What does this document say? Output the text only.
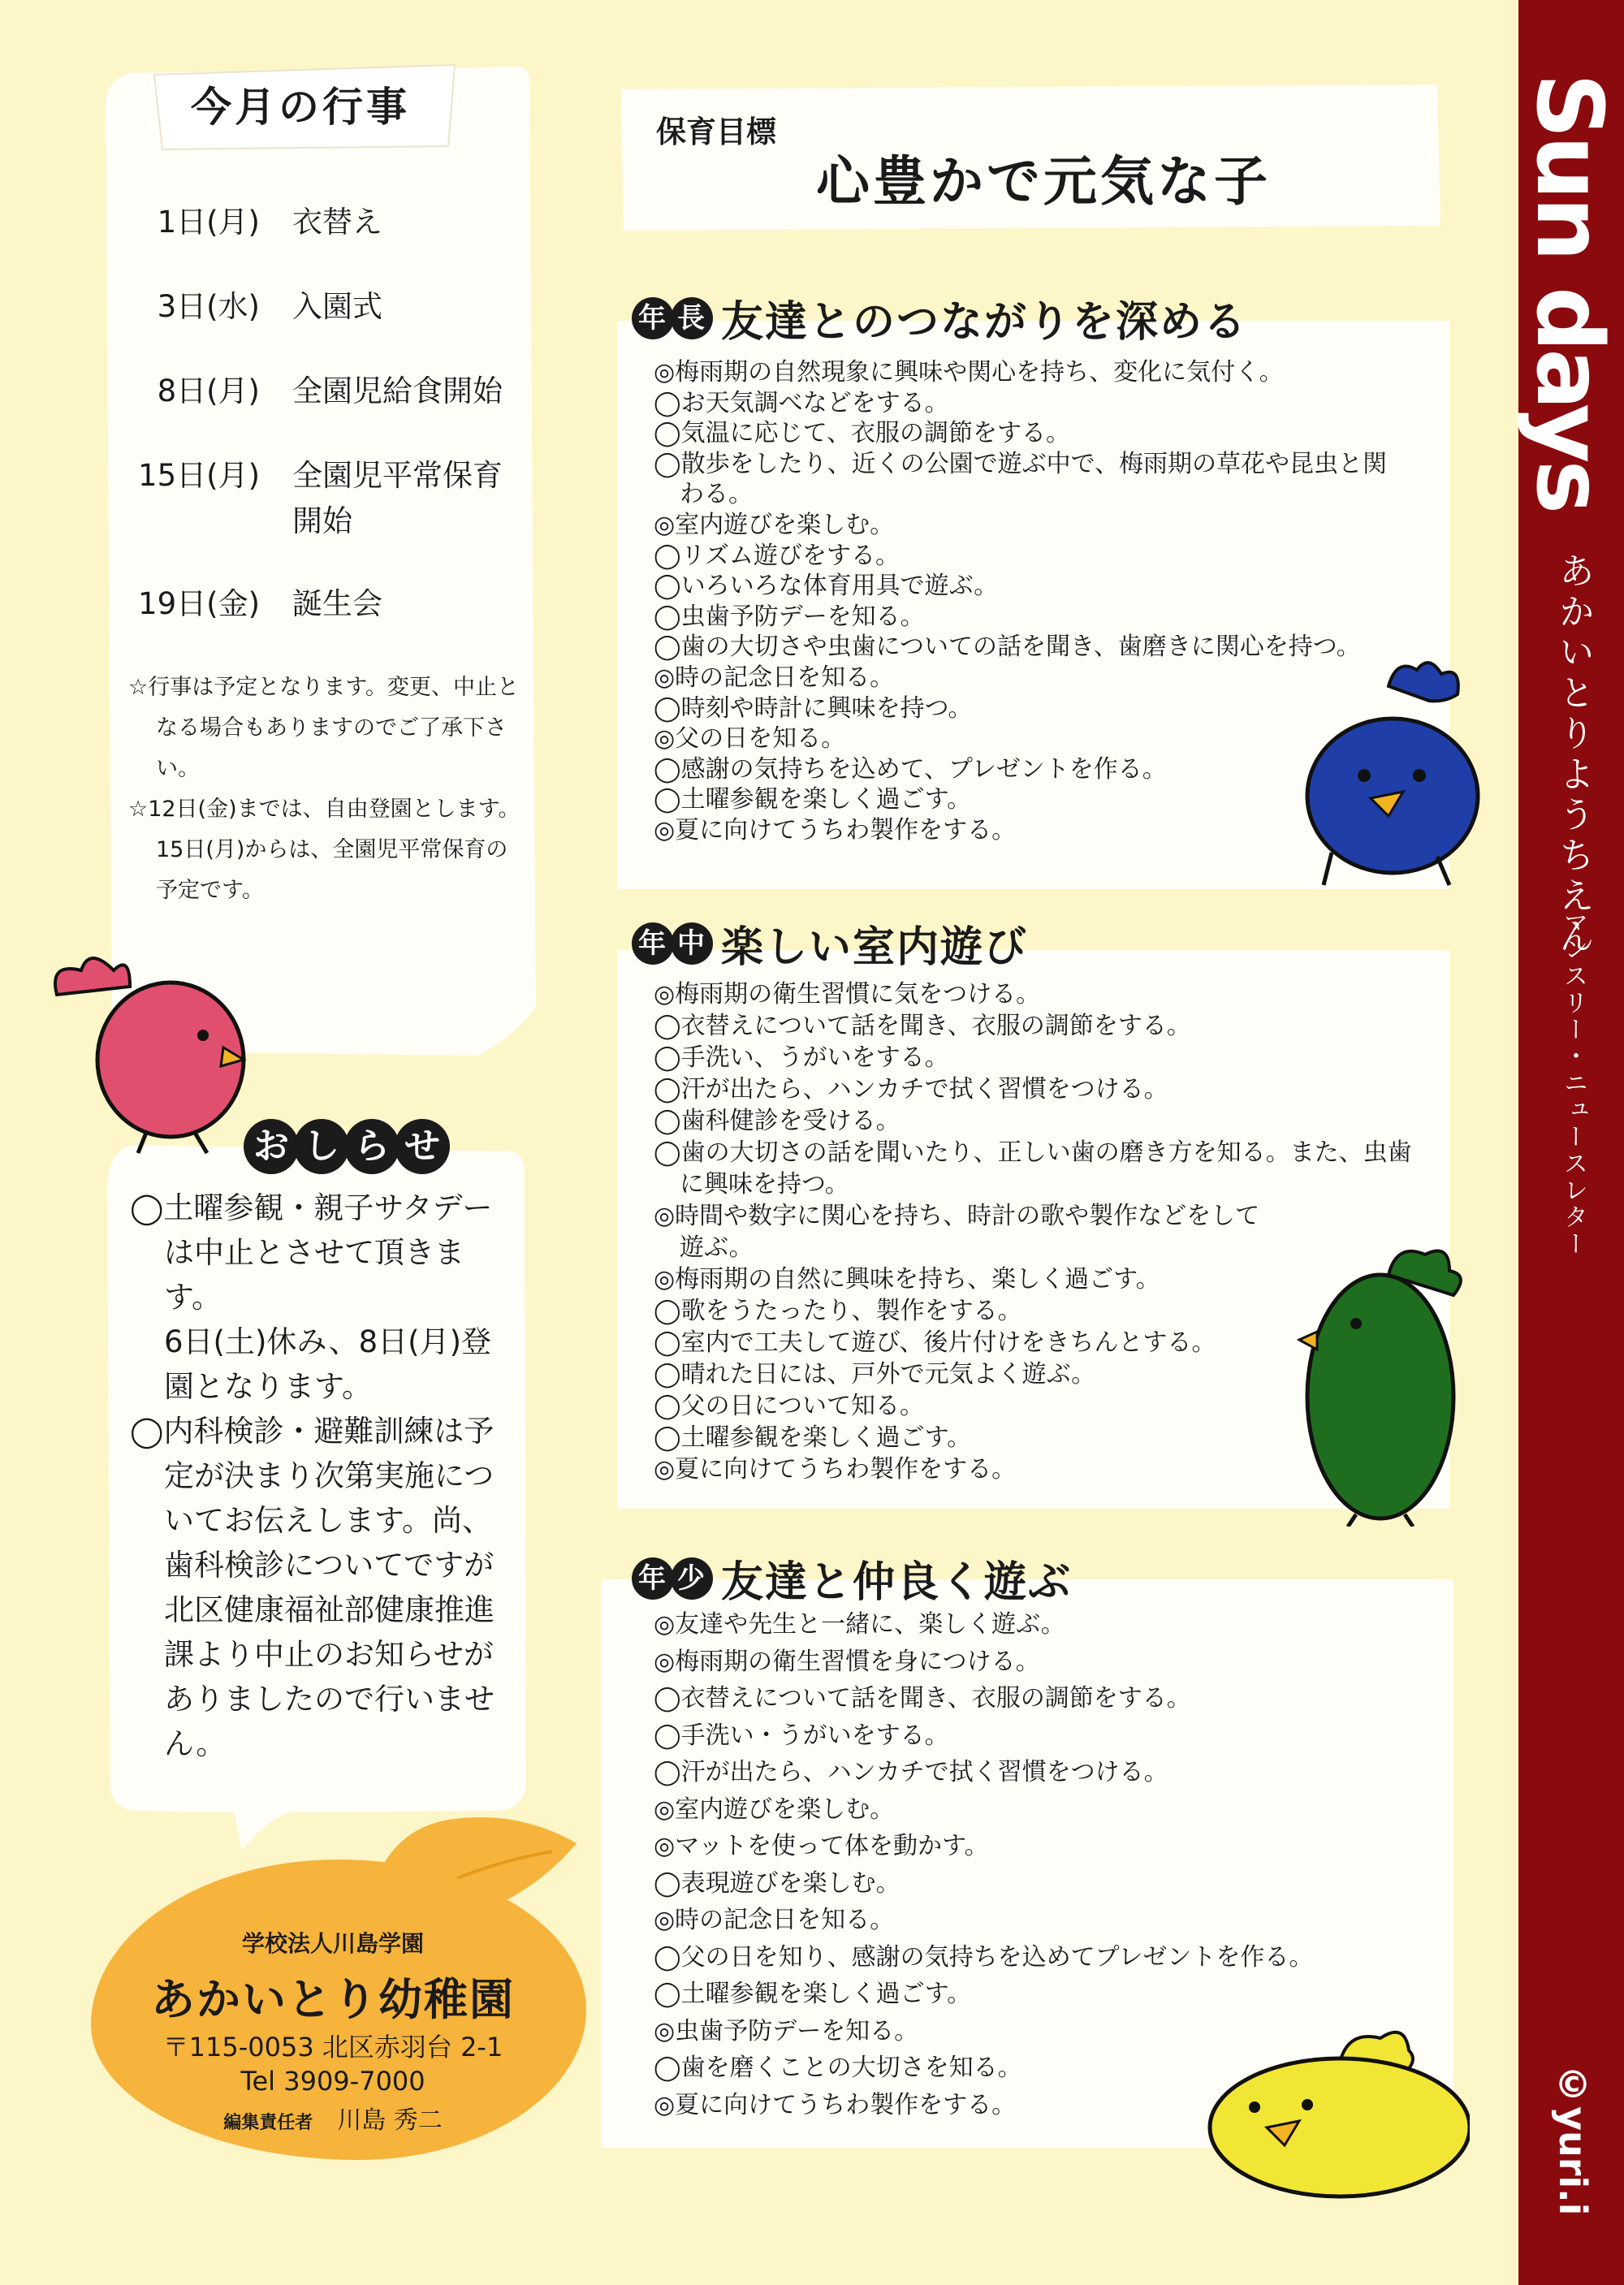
Sun days
あかいとりようちえん
マンスリー・ニュースレター
©yuri.i
今月の行事
1日(月) 衣替え
3日(水) 入園式
8日(月) 全園児給食開始
15日(月) 全園児平常保育開始
19日(金) 誕生会

☆行事は予定となります。変更、中止となる場合もありますのでご了承下さい。

☆12日(金)までは、自由登園とします。15日(月)からは、全園児平常保育の予定です。

お し ら せ

◯土曜参観・親子サタデーは中止とさせて頂きます。

6日(土)休み、8日(月)登園となります。

◯内科検診・避難訓練は予定が決まり次第実施についてお伝えします。尚、歯科検診についてですが北区健康福祉部健康推進課より中止のお知らせがありましたので行いません。

学校法人川島学園
あかいとり幼稚園
〒115-0053 北区赤羽台 2-1
Tel 3909-7000
編集責任者 川島 秀二
保育目標
心豊かで元気な子
年 長 友達とのつながりを深める

◎梅雨期の自然現象に興味や関心を持ち、変化に気付く。

◯お天気調べなどをする。

◯気温に応じて、衣服の調節をする。

◯散歩をしたり、近くの公園で遊ぶ中で、梅雨期の草花や昆虫と関わる。

◎室内遊びを楽しむ。

◯リズム遊びをする。

◯いろいろな体育用具で遊ぶ。

◯虫歯予防デーを知る。

◯歯の大切さや虫歯についての話を聞き、歯磨きに関心を持つ。

◎時の記念日を知る。

◯時刻や時計に興味を持つ。

◎父の日を知る。

◯感謝の気持ちを込めて、プレゼントを作る。

◯土曜参観を楽しく過ごす。

◎夏に向けてうちわ製作をする。

年 中 楽しい室内遊び

◎梅雨期の衛生習慣に気をつける。

◯衣替えについて話を聞き、衣服の調節をする。

◯手洗い、うがいをする。

◯汗が出たら、ハンカチで拭く習慣をつける。

◯歯科健診を受ける。

◯歯の大切さの話を聞いたり、正しい歯の磨き方を知る。また、虫歯に興味を持つ。

◎時間や数字に関心を持ち、時計の歌や製作などをして遊ぶ。

◎梅雨期の自然に興味を持ち、楽しく過ごす。

◯歌をうたったり、製作をする。

◯室内で工夫して遊び、後片付けをきちんとする。

◯晴れた日には、戸外で元気よく遊ぶ。

◯父の日について知る。

◯土曜参観を楽しく過ごす。

◎夏に向けてうちわ製作をする。

年 少 友達と仲良く遊ぶ

◎友達や先生と一緒に、楽しく遊ぶ。

◎梅雨期の衛生習慣を身につける。

◯衣替えについて話を聞き、衣服の調節をする。

◯手洗い・うがいをする。

◯汗が出たら、ハンカチで拭く習慣をつける。

◎室内遊びを楽しむ。

◎マットを使って体を動かす。

◯表現遊びを楽しむ。

◎時の記念日を知る。

◯父の日を知り、感謝の気持ちを込めてプレゼントを作る。

◯土曜参観を楽しく過ごす。

◎虫歯予防デーを知る。

◯歯を磨くことの大切さを知る。

◎夏に向けてうちわ製作をする。
